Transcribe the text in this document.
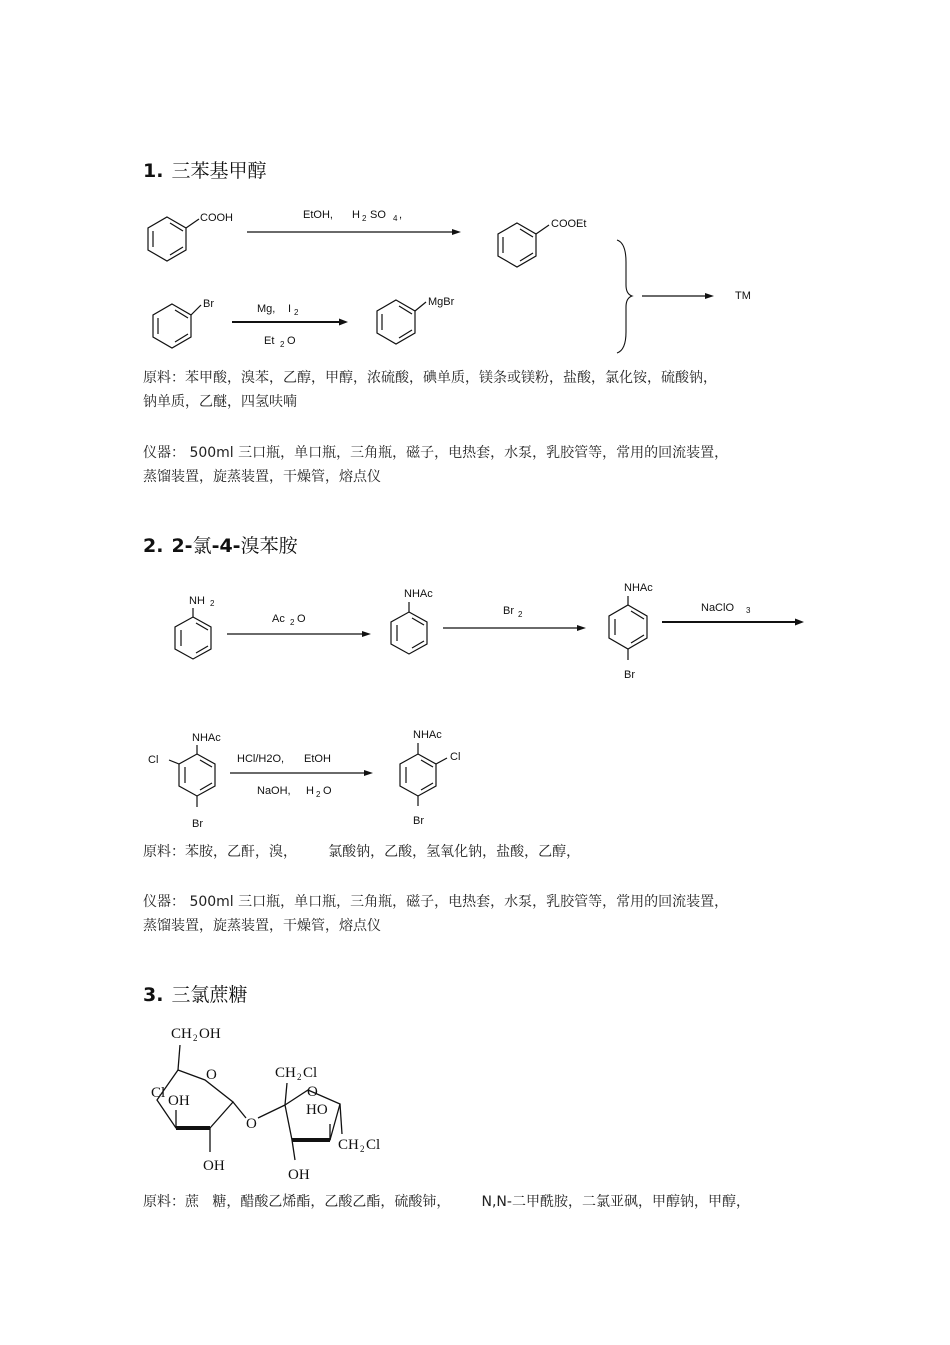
1. 三苯基甲醇
COOH	EtOH, H 2 SO 4 ,
COOEt
Br	Mg, I 2
Et 2 O
MgBr	TM
原料：苯甲酸，溴苯，乙醇，甲醇，浓硫酸，碘单质，镁条或镁粉，盐酸，氯化铵，硫酸钠，
钠单质，乙醚，四氢呋喃
仪器： 500ml 三口瓶，单口瓶，三角瓶，磁子，电热套，水泵，乳胶管等，常用的回流装置，
蒸馏装置，旋蒸装置，干燥管，熔点仪
2. 2-氯-4-溴苯胺
NH 2
Ac 2 O
NHAc
Br 2
NHAc
Br
NaClO 3
NHAc
Cl
Br
HCl/H2O, EtOH
NaOH, H 2 O
NHAc
Cl
Br
原料：苯胺，乙酐，溴，       氯酸钠，乙酸，氢氧化钠，盐酸，乙醇，
仪器： 500ml 三口瓶，单口瓶，三角瓶，磁子，电热套，水泵，乳胶管等，常用的回流装置，
蒸馏装置，旋蒸装置，干燥管，熔点仪
3. 三氯蔗糖
CH 2 OH
Cl OH
O
O
OH
CH 2 Cl
O
HO
CH 2 Cl
OH
原料：蔗   糖，醋酸乙烯酯，乙酸乙酯，硫酸铈，       N,N-二甲酰胺，二氯亚砜，甲醇钠，甲醇，
